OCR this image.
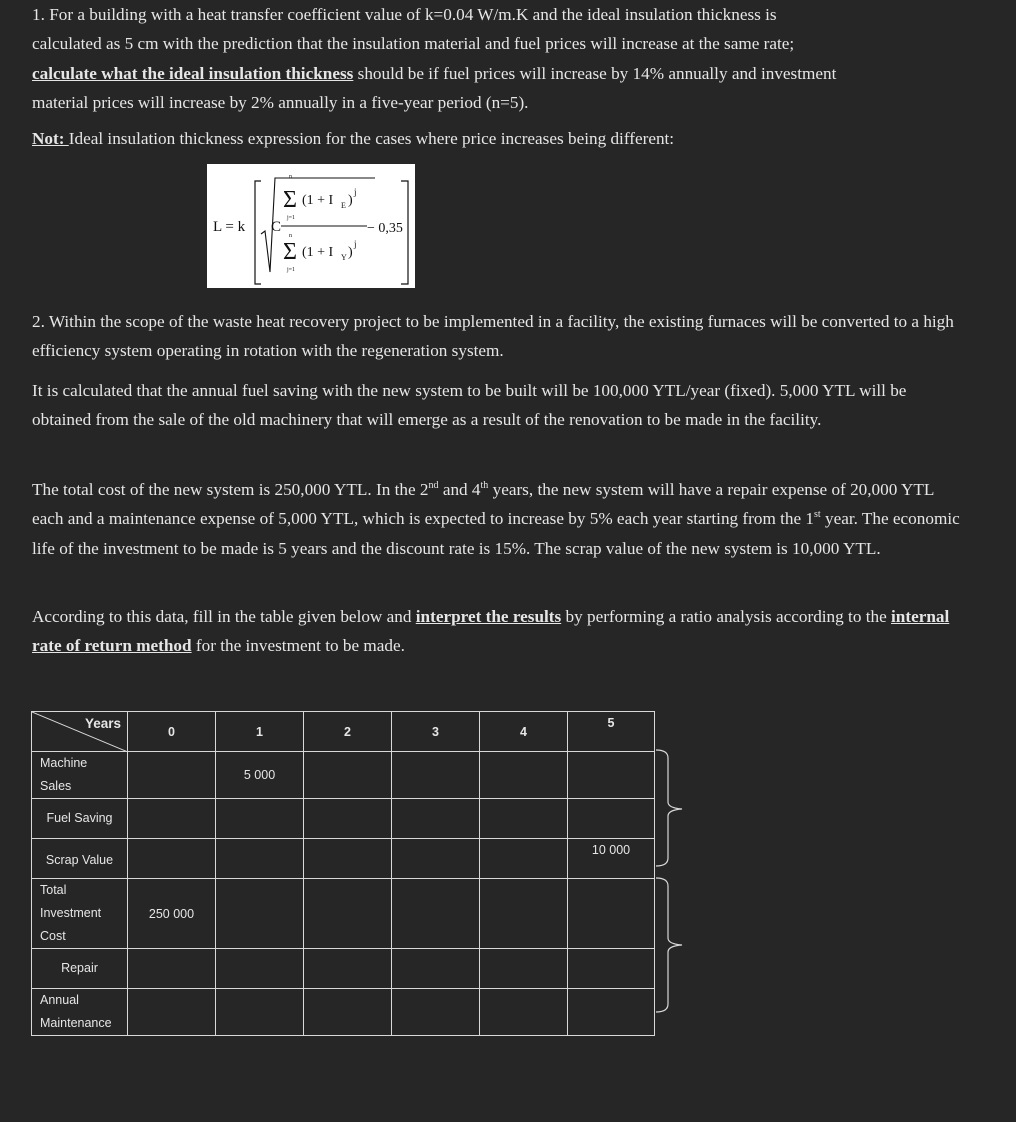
1. For a building with a heat transfer coefficient value of k=0.04 W/m.K and the ideal insulation thickness is
calculated as 5 cm with the prediction that the insulation material and fuel prices will increase at the same rate;
calculate what the ideal insulation thickness should be if fuel prices will increase by 14% annually and investment
material prices will increase by 2% annually in a five-year period (n=5).

Not: Ideal insulation thickness expression for the cases where price increases being different:

L = k C
n
Σ
j=1
(1 + I E )
j
n
Σ
j=1
(1 + I Y )
j
− 0,35

2. Within the scope of the waste heat recovery project to be implemented in a facility, the existing furnaces will be converted to a high efficiency system operating in rotation with the regeneration system.

It is calculated that the annual fuel saving with the new system to be built will be 100,000 YTL/year (fixed). 5,000 YTL will be obtained from the sale of the old machinery that will emerge as a result of the renovation to be made in the facility.

The total cost of the new system is 250,000 YTL. In the 2nd and 4th years, the new system will have a repair expense of 20,000 YTL each and a maintenance expense of 5,000 YTL, which is expected to increase by 5% each year starting from the 1st year. The economic life of the investment to be made is 5 years and the discount rate is 15%. The scrap value of the new system is 10,000 YTL.

According to this data, fill in the table given below and interpret the results by performing a ratio analysis according to the internal rate of return method for the investment to be made.

Years	0	1	2	3	4	5
Machine
Sales		5 000				
Fuel Saving						
Scrap Value						10 000
Total
Investment
Cost	250 000					
Repair						
Annual
Maintenance						
